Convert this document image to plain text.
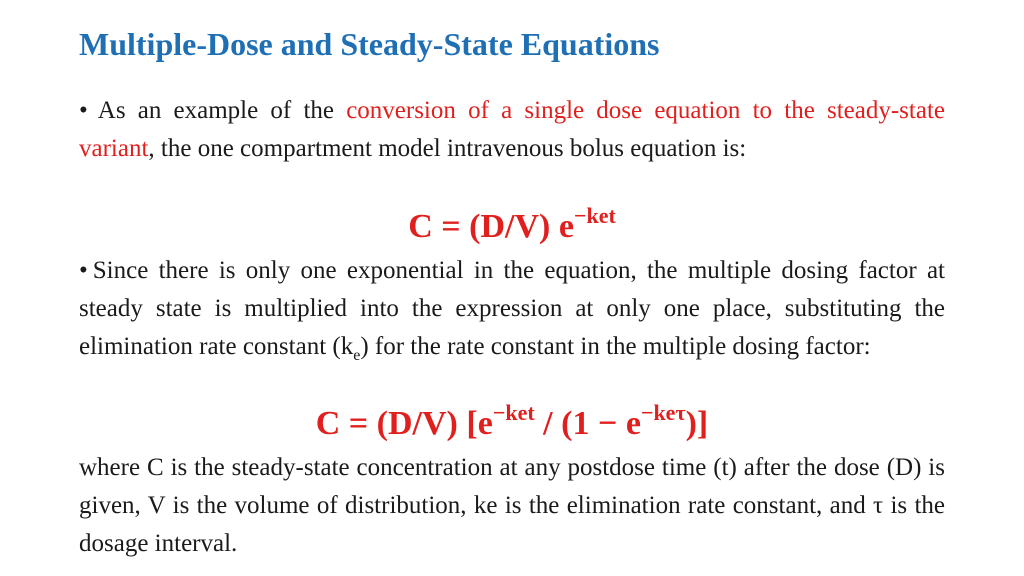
Multiple-Dose and Steady-State Equations

• As an example of the conversion of a single dose equation to the steady-state variant, the one compartment model intravenous bolus equation is:

C = (D/V) $e^{-ket}$

• Since there is only one exponential in the equation, the multiple dosing factor at steady state is multiplied into the expression at only one place, substituting the elimination rate constant $(k_e)$ for the rate constant in the multiple dosing factor:

C = (D/V) $[e^{-ket} / (1 - e^{-ke\tau})]$

where C is the steady-state concentration at any postdose time (t) after the dose (D) is given, V is the volume of distribution, ke is the elimination rate constant, and τ is the dosage interval.
